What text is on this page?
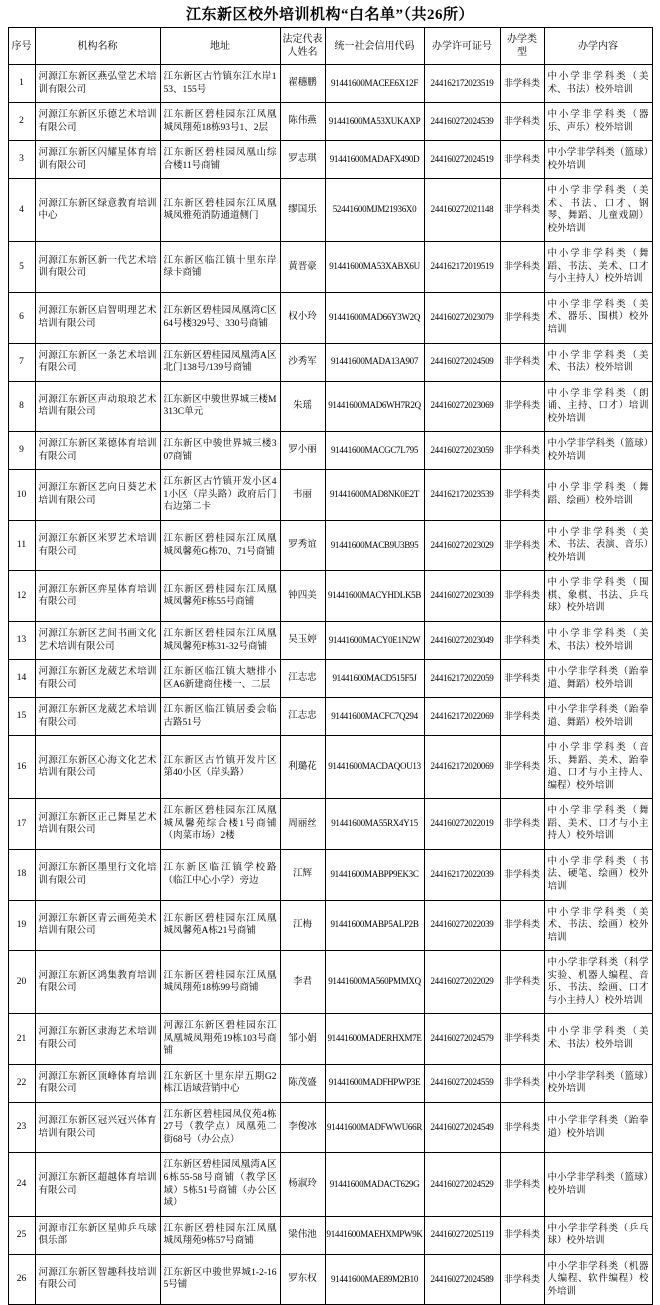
江东新区校外培训机构“白名单”（共26所）
序号	机构名称	地址	法定代表人姓名	统一社会信用代码	办学许可证号	办学类型	办学内容
1	河源江东新区燕弘堂艺术培训有限公司	江东新区古竹镇东江水岸153、155号	翟穗鹏	91441600MACEE6X12F	244162172023519	非学科类	中小学非学科类（美术、书法）校外培训
2	河源江东新区乐德艺术培训有限公司	江东新区碧桂园东江凤凰城凤翔苑18栋93号1、2层	陈伟燕	91441600MA53XUKAXP	244160272024539	非学科类	中小学非学科类（器乐、声乐）校外培训
3	河源江东新区闪耀星体育培训有限公司	江东新区碧桂园凤凰山综合楼11号商铺	罗志琪	91441600MADAFX490D	244160272024519	非学科类	中小学非学科类（篮球）校外培训
4	河源江东新区绿意教育培训中心	江东新区碧桂园东江凤凰城凤雅苑消防通道侧门	缪国乐	52441600MJM21936X0	244160272021148	非学科类	中小学非学科类（美术、书法、口才、钢琴、舞蹈、儿童戏剧）校外培训
5	河源江东新区新一代艺术培训有限公司	江东新区临江镇十里东岸绿卡商铺	黄晋豪	91441600MA53XABX6U	244162172019519	非学科类	中小学非学科类（舞蹈、书法、美术、口才与小主持人）校外培训
6	河源江东新区启智明理艺术培训有限公司	江东新区碧桂园凤凰湾C区64号楼329号、330号商铺	权小玲	91441600MAD66Y3W2Q	244160272023079	非学科类	中小学非学科类（美术、器乐、围棋）校外培训
7	河源江东新区一条艺术培训有限公司	江东新区碧桂园凤凰湾A区北门138号/139号商铺	沙秀军	91441600MADA13A907	244160272024509	非学科类	中小学非学科类（美术、书法）校外培训
8	河源江东新区声动琅琅艺术培训有限公司	江东新区中骏世界城三楼M313C单元	朱瑶	91441600MAD6WH7R2Q	244160272023069	非学科类	中小学非学科类（朗诵、主持、口才）培训校外培训
9	河源江东新区莱德体育培训有限公司	江东新区中骏世界城三楼307商铺	罗小丽	91441600MACGC7L795	244160272023059	非学科类	中小学非学科类（篮球）校外培训
10	河源江东新区艺向日葵艺术培训有限公司	江东新区古竹镇开发小区41小区（岸头路）政府后门右边第二卡	韦丽	91441600MAD8NK0E2T	244162172023539	非学科类	中小学非学科类（舞蹈、绘画）校外培训
11	河源江东新区米罗艺术培训有限公司	江东新区碧桂园东江凤凰城凤馨苑G栋70、71号商铺	罗秀谊	91441600MACB9U3B95	244160272023029	非学科类	中小学非学科类（美术、书法、表演、音乐）校外培训
12	河源江东新区弈星体育培训有限公司	江东新区碧桂园东江凤凰城凤馨苑F栋55号商铺	钟四美	91441600MACYHDLK5B	244160272023039	非学科类	中小学非学科类（围棋、象棋、书法、乒乓球）校外培训
13	河源江东新区艺间书画文化艺术培训有限公司	江东新区碧桂园东江凤凰城凤馨苑F栋31-32号商铺	吴玉婷	91441600MACY0E1N2W	244160272023049	非学科类	中小学非学科类（美术、书法）校外培训
14	河源江东新区龙葳艺术培训有限公司	江东新区临江镇大塘排小区A6新建商住楼一、二层	江志忠	91441600MACD515F5J	244162172022059	非学科类	中小学非学科类（跆拳道、舞蹈）校外培训
15	河源江东新区龙葳艺术培训有限公司	江东新区临江镇居委会临古路51号	江志忠	91441600MACFC7Q294	244162172022069	非学科类	中小学非学科类（跆拳道、舞蹈）校外培训
16	河源江东新区心海文化艺术培训有限公司	江东新区古竹镇开发片区第40小区（岸头路）	利璐花	91441600MACDAQOU13	244162172020069	非学科类	中小学非学科类（音乐、舞蹈、美术、跆拳道、口才与小主持人、编程）校外培训
17	河源江东新区正己舞星艺术培训有限公司	江东新区碧桂园东江凤凰城凤馨苑综合楼1号商铺（肉菜市场）2楼	周丽丝	91441600MA55RX4Y15	244160272022019	非学科类	中小学非学科类（舞蹈、美术、口才与小主持人）校外培训
18	河源江东新区墨里行文化培训有限公司	江东新区临江镇学校路（临江中心小学）旁边	江辉	91441600MABPP9EK3C	244162172022039	非学科类	中小学非学科类（书法、硬笔、绘画）校外培训
19	河源江东新区青云画苑美术培训有限公司	江东新区碧桂园东江凤凰城凤馨苑A栋21号商铺	江梅	91441600MABP5ALP2B	244160272022039	非学科类	中小学非学科类（美术、书法、绘画）校外培训
20	河源江东新区鸿集教育培训有限公司	江东新区碧桂园东江凤凰城凤翔苑18栋99号商铺	李君	91441600MA560PMMXQ	244160272022029	非学科类	中小学非学科类（科学实验、机器人编程、音乐、书法、绘画、口才与小主持人）校外培训
21	河源江东新区隶海艺术培训有限公司	河源江东新区碧桂园东江凤凰城凤翔苑19栋103号商铺	邹小娟	91441600MADERHXM7E	244160272024579	非学科类	中小学非学科类（美术、书法）校外培训
22	河源江东新区顶峰体育培训有限公司	江东新区十里东岸五期G2栋江语域营销中心	陈茂盛	91441600MADFHPWP3E	244160272024559	非学科类	中小学非学科类（篮球）校外培训
23	河源江东新区冠兴冠兴体育培训有限公司	江东新区碧桂园凤仪苑4栋27号（教学点）凤凰苑二街68号（办公点）	李俊冰	91441600MADFWWU66R	244160272024549	非学科类	中小学非学科类（跆拳道）校外培训
24	河源江东新区超越体育培训有限公司	江东新区碧桂园凤凰湾A区6栋55-58号商铺（教学区域）5栋51号商铺（办公区域）	杨淑玲	91441600MADACT629G	244160272024529	非学科类	中小学非学科类（篮球）校外培训
25	河源市江东新区星帅乒乓球俱乐部	江东新区碧桂园东江凤凰城凤翔苑9栋57号商铺	梁伟池	91441600MAEHXMPW9K	244160272025119	非学科类	中小学非学科类（乒乓球）校外培训
26	河源江东新区智趣科技培训有限公司	江东新区中骏世界城1-2-165号铺	罗东权	91441600MAE89M2B10	244160272024589	非学科类	中小学非学科类（机器人编程、软件编程）校外培训
